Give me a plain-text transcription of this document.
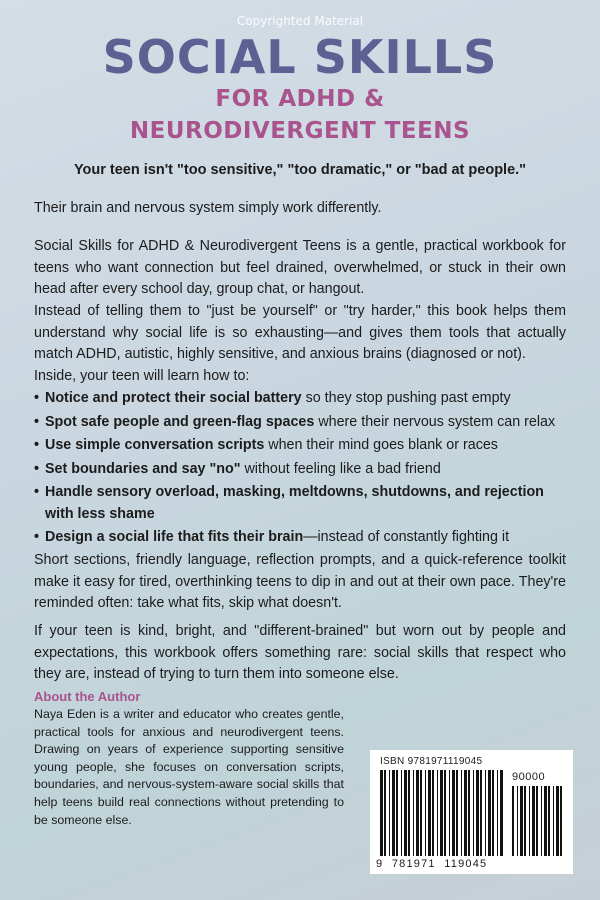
Copyrighted Material
SOCIAL SKILLS
FOR ADHD &
NEURODIVERGENT TEENS

Your teen isn't "too sensitive," "too dramatic," or "bad at people."

Their brain and nervous system simply work differently.

Social Skills for ADHD & Neurodivergent Teens is a gentle, practical workbook for teens who want connection but feel drained, overwhelmed, or stuck in their own head after every school day, group chat, or hangout.

Instead of telling them to "just be yourself" or "try harder," this book helps them understand why social life is so exhausting—and gives them tools that actually match ADHD, autistic, highly sensitive, and anxious brains (diagnosed or not).

Inside, your teen will learn how to:

• Notice and protect their social battery so they stop pushing past empty
• Spot safe people and green-flag spaces where their nervous system can relax
• Use simple conversation scripts when their mind goes blank or races
• Set boundaries and say "no" without feeling like a bad friend
• Handle sensory overload, masking, meltdowns, shutdowns, and rejection with less shame
• Design a social life that fits their brain—instead of constantly fighting it

Short sections, friendly language, reflection prompts, and a quick-reference toolkit make it easy for tired, overthinking teens to dip in and out at their own pace. They're reminded often: take what fits, skip what doesn't.

If your teen is kind, bright, and "different-brained" but worn out by people and expectations, this workbook offers something rare: social skills that respect who they are, instead of trying to turn them into someone else.

About the Author

Naya Eden is a writer and educator who creates gentle, practical tools for anxious and neurodivergent teens. Drawing on years of experience supporting sensitive young people, she focuses on conversation scripts, boundaries, and nervous-system-aware social skills that help teens build real connections without pretending to be someone else.

ISBN 9781971119045
90000
9  781971  119045
